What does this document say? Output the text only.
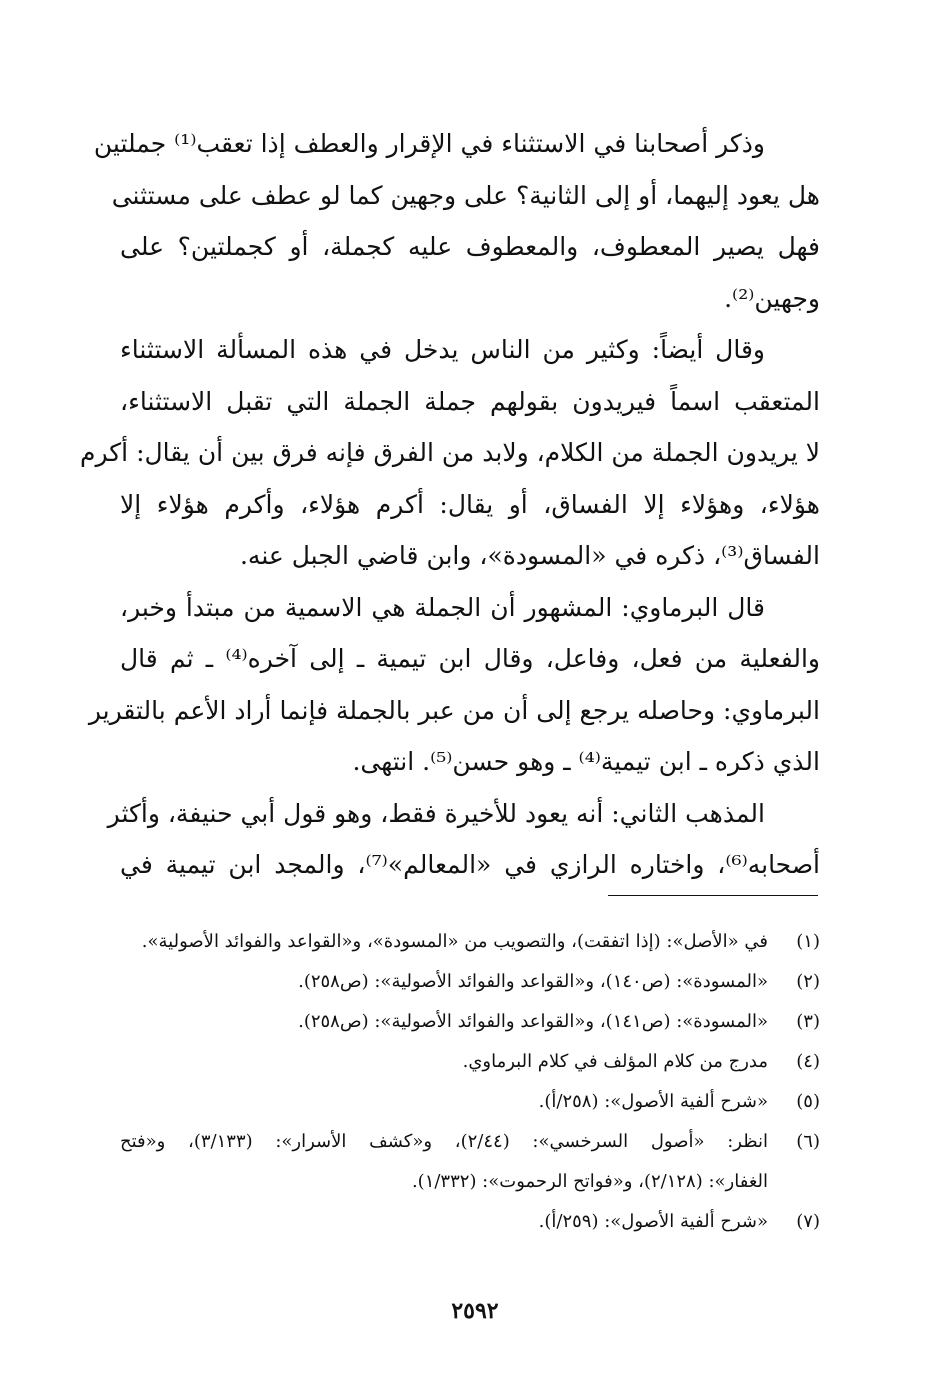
وذكر أصحابنا في الاستثناء في الإقرار والعطف إذا تعقب⁽¹⁾ جملتين
هل يعود إليهما، أو إلى الثانية؟ على وجهين كما لو عطف على مستثنى
فهل يصير المعطوف، والمعطوف عليه كجملة، أو كجملتين؟ على
وجهين⁽²⁾.
وقال أيضاً: وكثير من الناس يدخل في هذه المسألة الاستثناء
المتعقب اسماً فيريدون بقولهم جملة الجملة التي تقبل الاستثناء،
لا يريدون الجملة من الكلام، ولابد من الفرق فإنه فرق بين أن يقال: أكرم
هؤلاء، وهؤلاء إلا الفساق، أو يقال: أكرم هؤلاء، وأكرم هؤلاء إلا
الفساق⁽³⁾، ذكره في «المسودة»، وابن قاضي الجبل عنه.
قال البرماوي: المشهور أن الجملة هي الاسمية من مبتدأ وخبر،
والفعلية من فعل، وفاعل، وقال ابن تيمية ـ إلى آخره⁽⁴⁾ ـ ثم قال
البرماوي: وحاصله يرجع إلى أن من عبر بالجملة فإنما أراد الأعم بالتقرير
الذي ذكره ـ ابن تيمية⁽⁴⁾ ـ وهو حسن⁽⁵⁾. انتهى.
المذهب الثاني: أنه يعود للأخيرة فقط، وهو قول أبي حنيفة، وأكثر
أصحابه⁽⁶⁾، واختاره الرازي في «المعالم»⁽⁷⁾، والمجد ابن تيمية في
(١)
في «الأصل»: (إذا اتفقت)، والتصويب من «المسودة»، و«القواعد والفوائد الأصولية».
(٢)
«المسودة»: (ص١٤٠)، و«القواعد والفوائد الأصولية»: (ص٢٥٨).
(٣)
«المسودة»: (ص١٤١)، و«القواعد والفوائد الأصولية»: (ص٢٥٨).
(٤)
مدرج من كلام المؤلف في كلام البرماوي.
(٥)
«شرح ألفية الأصول»: (٢٥٨/أ).
(٦)
انظر: «أصول السرخسي»: (٢/٤٤)، و«كشف الأسرار»: (٣/١٣٣)، و«فتح
الغفار»: (٢/١٢٨)، و«فواتح الرحموت»: (١/٣٣٢).
(٧)
«شرح ألفية الأصول»: (٢٥٩/أ).
٢٥٩٢
